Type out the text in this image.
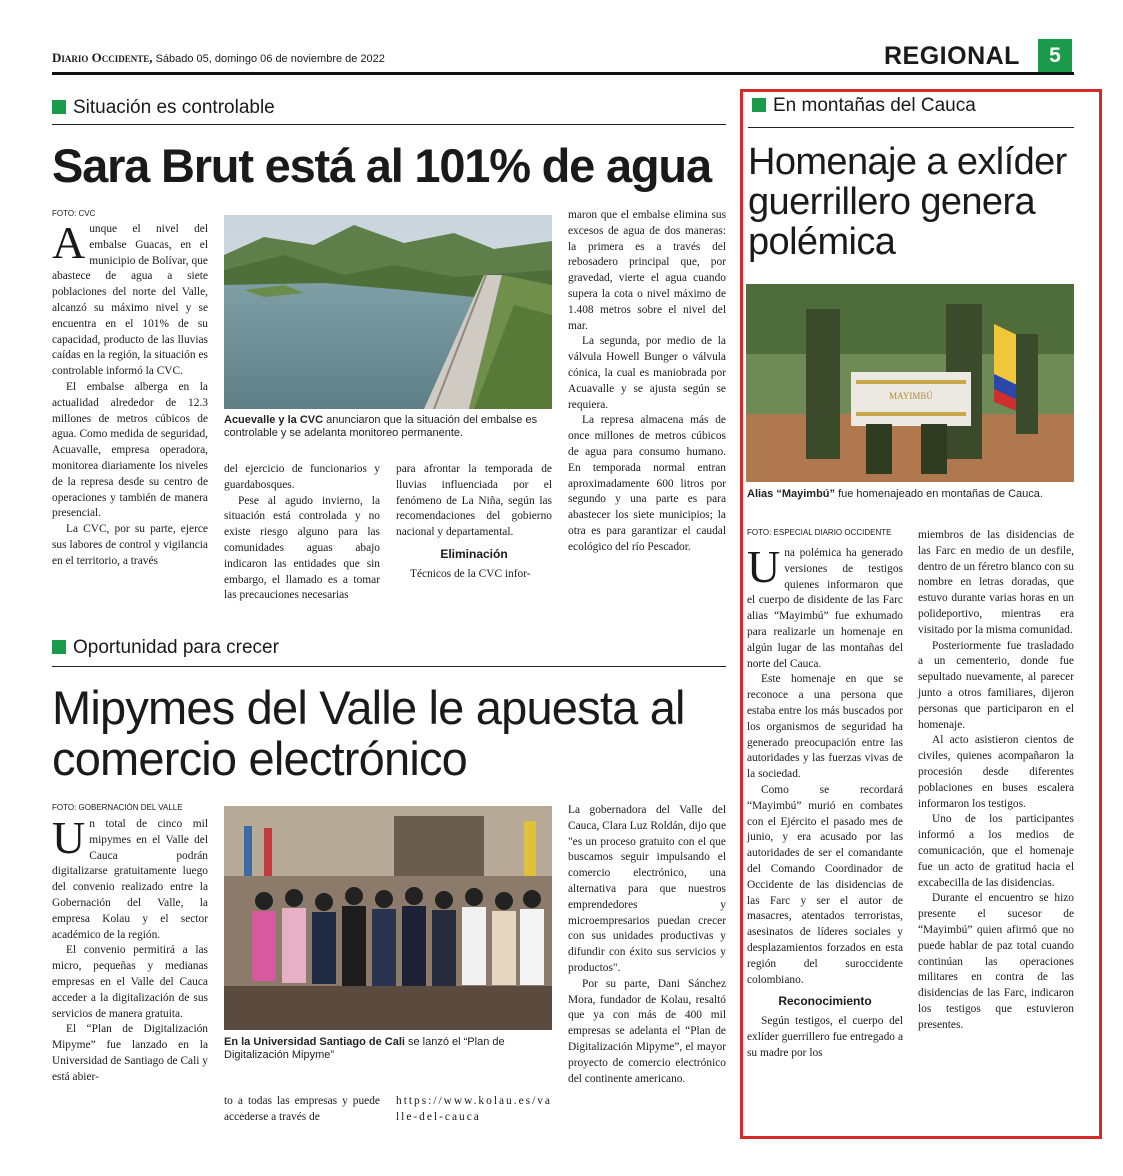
Diario Occidente, Sábado 05, domingo 06 de noviembre de 2022	REGIONAL	5
Situación es controlable
Sara Brut está al 101% de agua
FOTO: CVC

Aunque el nivel del embalse Guacas, en el municipio de Bolívar, que abastece de agua a siete poblaciones del norte del Valle, alcanzó su máximo nivel y se encuentra en el 101% de su capacidad, producto de las lluvias caídas en la región, la situación es controlable informó la CVC.

El embalse alberga en la actualidad alrededor de 12.3 millones de metros cúbicos de agua. Como medida de seguridad, Acuavalle, empresa operadora, monitorea diariamente los niveles de la represa desde su centro de operaciones y también de manera presencial.

La CVC, por su parte, ejerce sus labores de control y vigilancia en el territorio, a través

Acuevalle y la CVC anunciaron que la situación del embalse es controlable y se adelanta monitoreo permanente.

del ejercicio de funcionarios y guardabosques.

Pese al agudo invierno, la situación está controlada y no existe riesgo alguno para las comunidades aguas abajo indicaron las entidades que sin embargo, el llamado es a tomar las precauciones necesarias

para afrontar la temporada de lluvias influenciada por el fenómeno de La Niña, según las recomendaciones del gobierno nacional y departamental.

Eliminación

Técnicos de la CVC infor-

maron que el embalse elimina sus excesos de agua de dos maneras: la primera es a través del rebosadero principal que, por gravedad, vierte el agua cuando supera la cota o nivel máximo de 1.408 metros sobre el nivel del mar.

La segunda, por medio de la válvula Howell Bunger o válvula cónica, la cual es maniobrada por Acuavalle y se ajusta según se requiera.

La represa almacena más de once millones de metros cúbicos de agua para consumo humano. En temporada normal entran aproximadamente 600 litros por segundo y una parte es para abastecer los siete municipios; la otra es para garantizar el caudal ecológico del río Pescador.

Oportunidad para crecer
Mipymes del Valle le apuesta al comercio electrónico
FOTO: GOBERNACIÓN DEL VALLE

Un total de cinco mil mipymes en el Valle del Cauca podrán digitalizarse gratuitamente luego del convenio realizado entre la Gobernación del Valle, la empresa Kolau y el sector académico de la región.

El convenio permitirá a las micro, pequeñas y medianas empresas en el Valle del Cauca acceder a la digitalización de sus servicios de manera gratuita.

El “Plan de Digitalización Mipyme” fue lanzado en la Universidad de Santiago de Cali y está abier-

En la Universidad Santiago de Cali se lanzó el “Plan de Digitalización Mipyme”

to a todas las empresas y puede accederse a través de

https://www.kolau.es/valle-del-cauca

La gobernadora del Valle del Cauca, Clara Luz Roldán, dijo que "es un proceso gratuito con el que buscamos seguir impulsando el comercio electrónico, una alternativa para que nuestros emprendedores y microempresarios puedan crecer con sus unidades productivas y difundir con éxito sus servicios y productos".

Por su parte, Dani Sánchez Mora, fundador de Kolau, resaltó que ya con más de 400 mil empresas se adelanta el “Plan de Digitalización Mipyme”, el mayor proyecto de comercio electrónico del continente americano.

En montañas del Cauca
Homenaje a exlíder guerrillero genera polémica
MAYIMBÚ
Alias “Mayimbú” fue homenajeado en montañas de Cauca.
FOTO: ESPECIAL DIARIO OCCIDENTE

Una polémica ha generado versiones de testigos quienes informaron que el cuerpo de disidente de las Farc alias “Mayimbú” fue exhumado para realizarle un homenaje en algún lugar de las montañas del norte del Cauca.

Este homenaje en que se reconoce a una persona que estaba entre los más buscados por los organismos de seguridad ha generado preocupación entre las autoridades y las fuerzas vivas de la sociedad.

Como se recordará “Mayimbú” murió en combates con el Ejército el pasado mes de junio, y era acusado por las autoridades de ser el comandante del Comando Coordinador de Occidente de las disidencias de las Farc y ser el autor de masacres, atentados terroristas, asesinatos de líderes sociales y desplazamientos forzados en esta región del suroccidente colombiano.

Reconocimiento

Según testigos, el cuerpo del exlíder guerrillero fue entregado a su madre por los

miembros de las disidencias de las Farc en medio de un desfile, dentro de un féretro blanco con su nombre en letras doradas, que estuvo durante varias horas en un polideportivo, mientras era visitado por la misma comunidad.

Posteriormente fue trasladado a un cementerio, donde fue sepultado nuevamente, al parecer junto a otros familiares, dijeron personas que participaron en el homenaje.

Al acto asistieron cientos de civiles, quienes acompañaron la procesión desde diferentes poblaciones en buses escalera informaron los testigos.

Uno de los participantes informó a los medios de comunicación, que el homenaje fue un acto de gratitud hacia el excabecilla de las disidencias.

Durante el encuentro se hizo presente el sucesor de “Mayimbú” quien afirmó que no puede hablar de paz total cuando continúan las operaciones militares en contra de las disidencias de las Farc, indicaron los testigos que estuvieron presentes.
